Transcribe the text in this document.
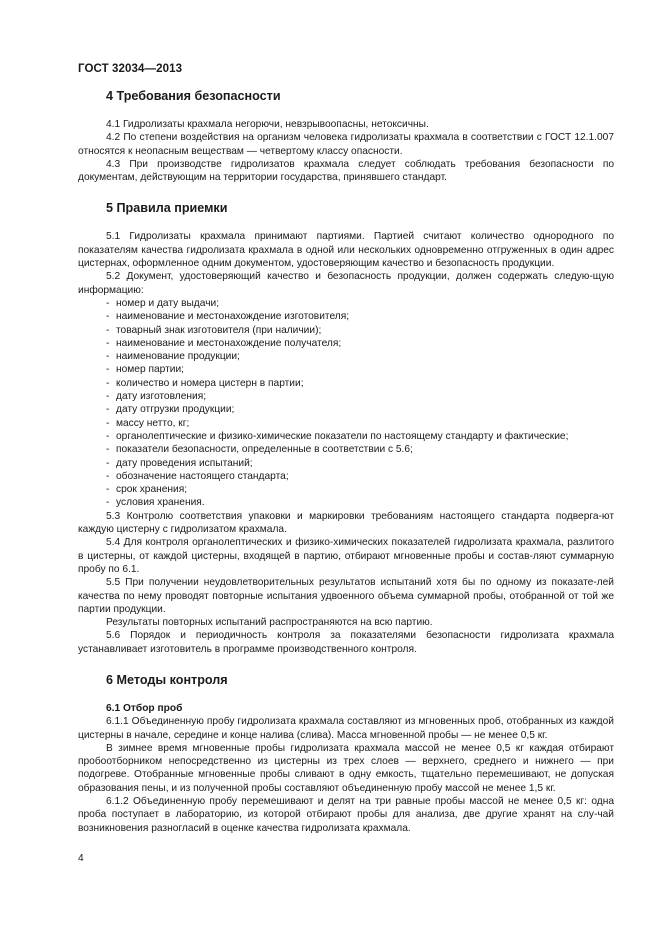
ГОСТ 32034—2013
4 Требования безопасности

4.1 Гидролизаты крахмала негорючи, невзрывоопасны, нетоксичны.

4.2 По степени воздействия на организм человека гидролизаты крахмала в соответствии с ГОСТ 12.1.007 относятся к неопасным веществам — четвертому классу опасности.

4.3 При производстве гидролизатов крахмала следует соблюдать требования безопасности по документам, действующим на территории государства, принявшего стандарт.

5 Правила приемки

5.1 Гидролизаты крахмала принимают партиями. Партией считают количество однородного по показателям качества гидролизата крахмала в одной или нескольких одновременно отгруженных в один адрес цистернах, оформленное одним документом, удостоверяющим качество и безопасность продукции.

5.2 Документ, удостоверяющий качество и безопасность продукции, должен содержать следую-щую информацию:

- номер и дату выдачи;
- наименование и местонахождение изготовителя;
- товарный знак изготовителя (при наличии);
- наименование и местонахождение получателя;
- наименование продукции;
- номер партии;
- количество и номера цистерн в партии;
- дату изготовления;
- дату отгрузки продукции;
- массу нетто, кг;
- органолептические и физико-химические показатели по настоящему стандарту и фактические;
- показатели безопасности, определенные в соответствии с 5.6;
- дату проведения испытаний;
- обозначение настоящего стандарта;
- срок хранения;
- условия хранения.

5.3 Контролю соответствия упаковки и маркировки требованиям настоящего стандарта подверга-ют каждую цистерну с гидролизатом крахмала.

5.4 Для контроля органолептических и физико-химических показателей гидролизата крахмала, разлитого в цистерны, от каждой цистерны, входящей в партию, отбирают мгновенные пробы и состав-ляют суммарную пробу по 6.1.

5.5 При получении неудовлетворительных результатов испытаний хотя бы по одному из показате-лей качества по нему проводят повторные испытания удвоенного объема суммарной пробы, отобранной от той же партии продукции.

Результаты повторных испытаний распространяются на всю партию.

5.6 Порядок и периодичность контроля за показателями безопасности гидролизата крахмала устанавливает изготовитель в программе производственного контроля.

6 Методы контроля
6.1 Отбор проб

6.1.1 Объединенную пробу гидролизата крахмала составляют из мгновенных проб, отобранных из каждой цистерны в начале, середине и конце налива (слива). Масса мгновенной пробы — не менее 0,5 кг.

В зимнее время мгновенные пробы гидролизата крахмала массой не менее 0,5 кг каждая отбирают пробоотборником непосредственно из цистерны из трех слоев — верхнего, среднего и нижнего — при подогреве. Отобранные мгновенные пробы сливают в одну емкость, тщательно перемешивают, не допуская образования пены, и из полученной пробы составляют объединенную пробу массой не менее 1,5 кг.

6.1.2 Объединенную пробу перемешивают и делят на три равные пробы массой не менее 0,5 кг: одна проба поступает в лабораторию, из которой отбирают пробы для анализа, две другие хранят на слу-чай возникновения разногласий в оценке качества гидролизата крахмала.

4
